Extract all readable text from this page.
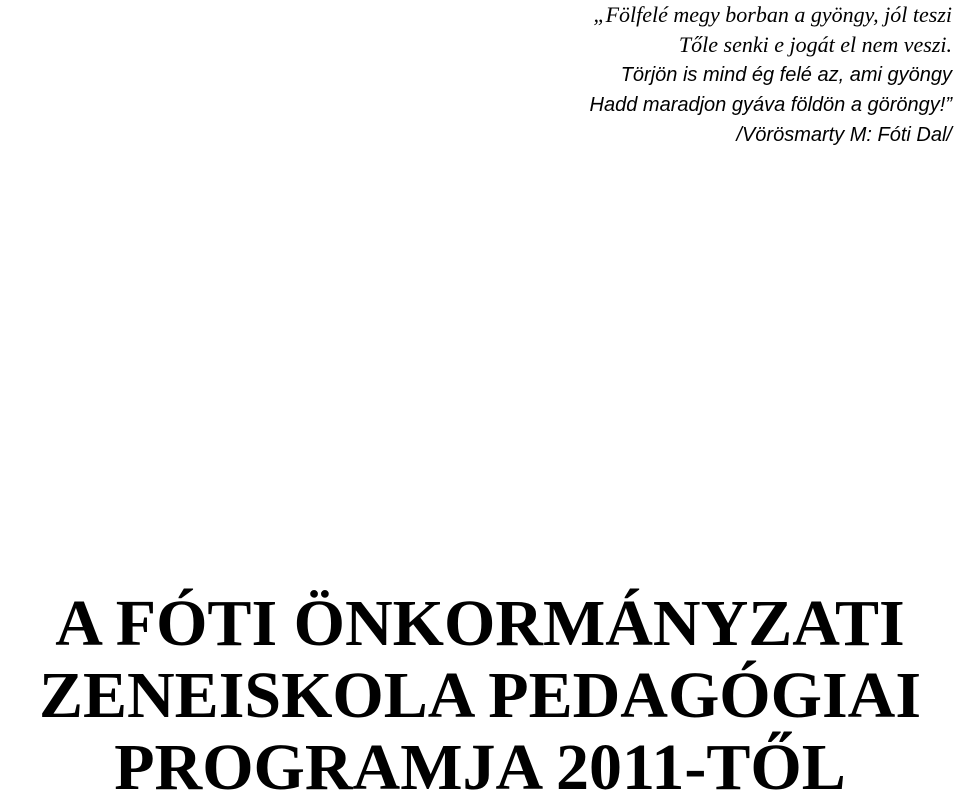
„Fölfelé megy borban a gyöngy, jól teszi
Tőle senki e jogát el nem veszi.
Törjön is mind ég felé az, ami gyöngy
Hadd maradjon gyáva földön a göröngy!”
/Vörösmarty M: Fóti Dal/
A FÓTI ÖNKORMÁNYZATI
ZENEISKOLA PEDAGÓGIAI
PROGRAMJA 2011-TŐL
